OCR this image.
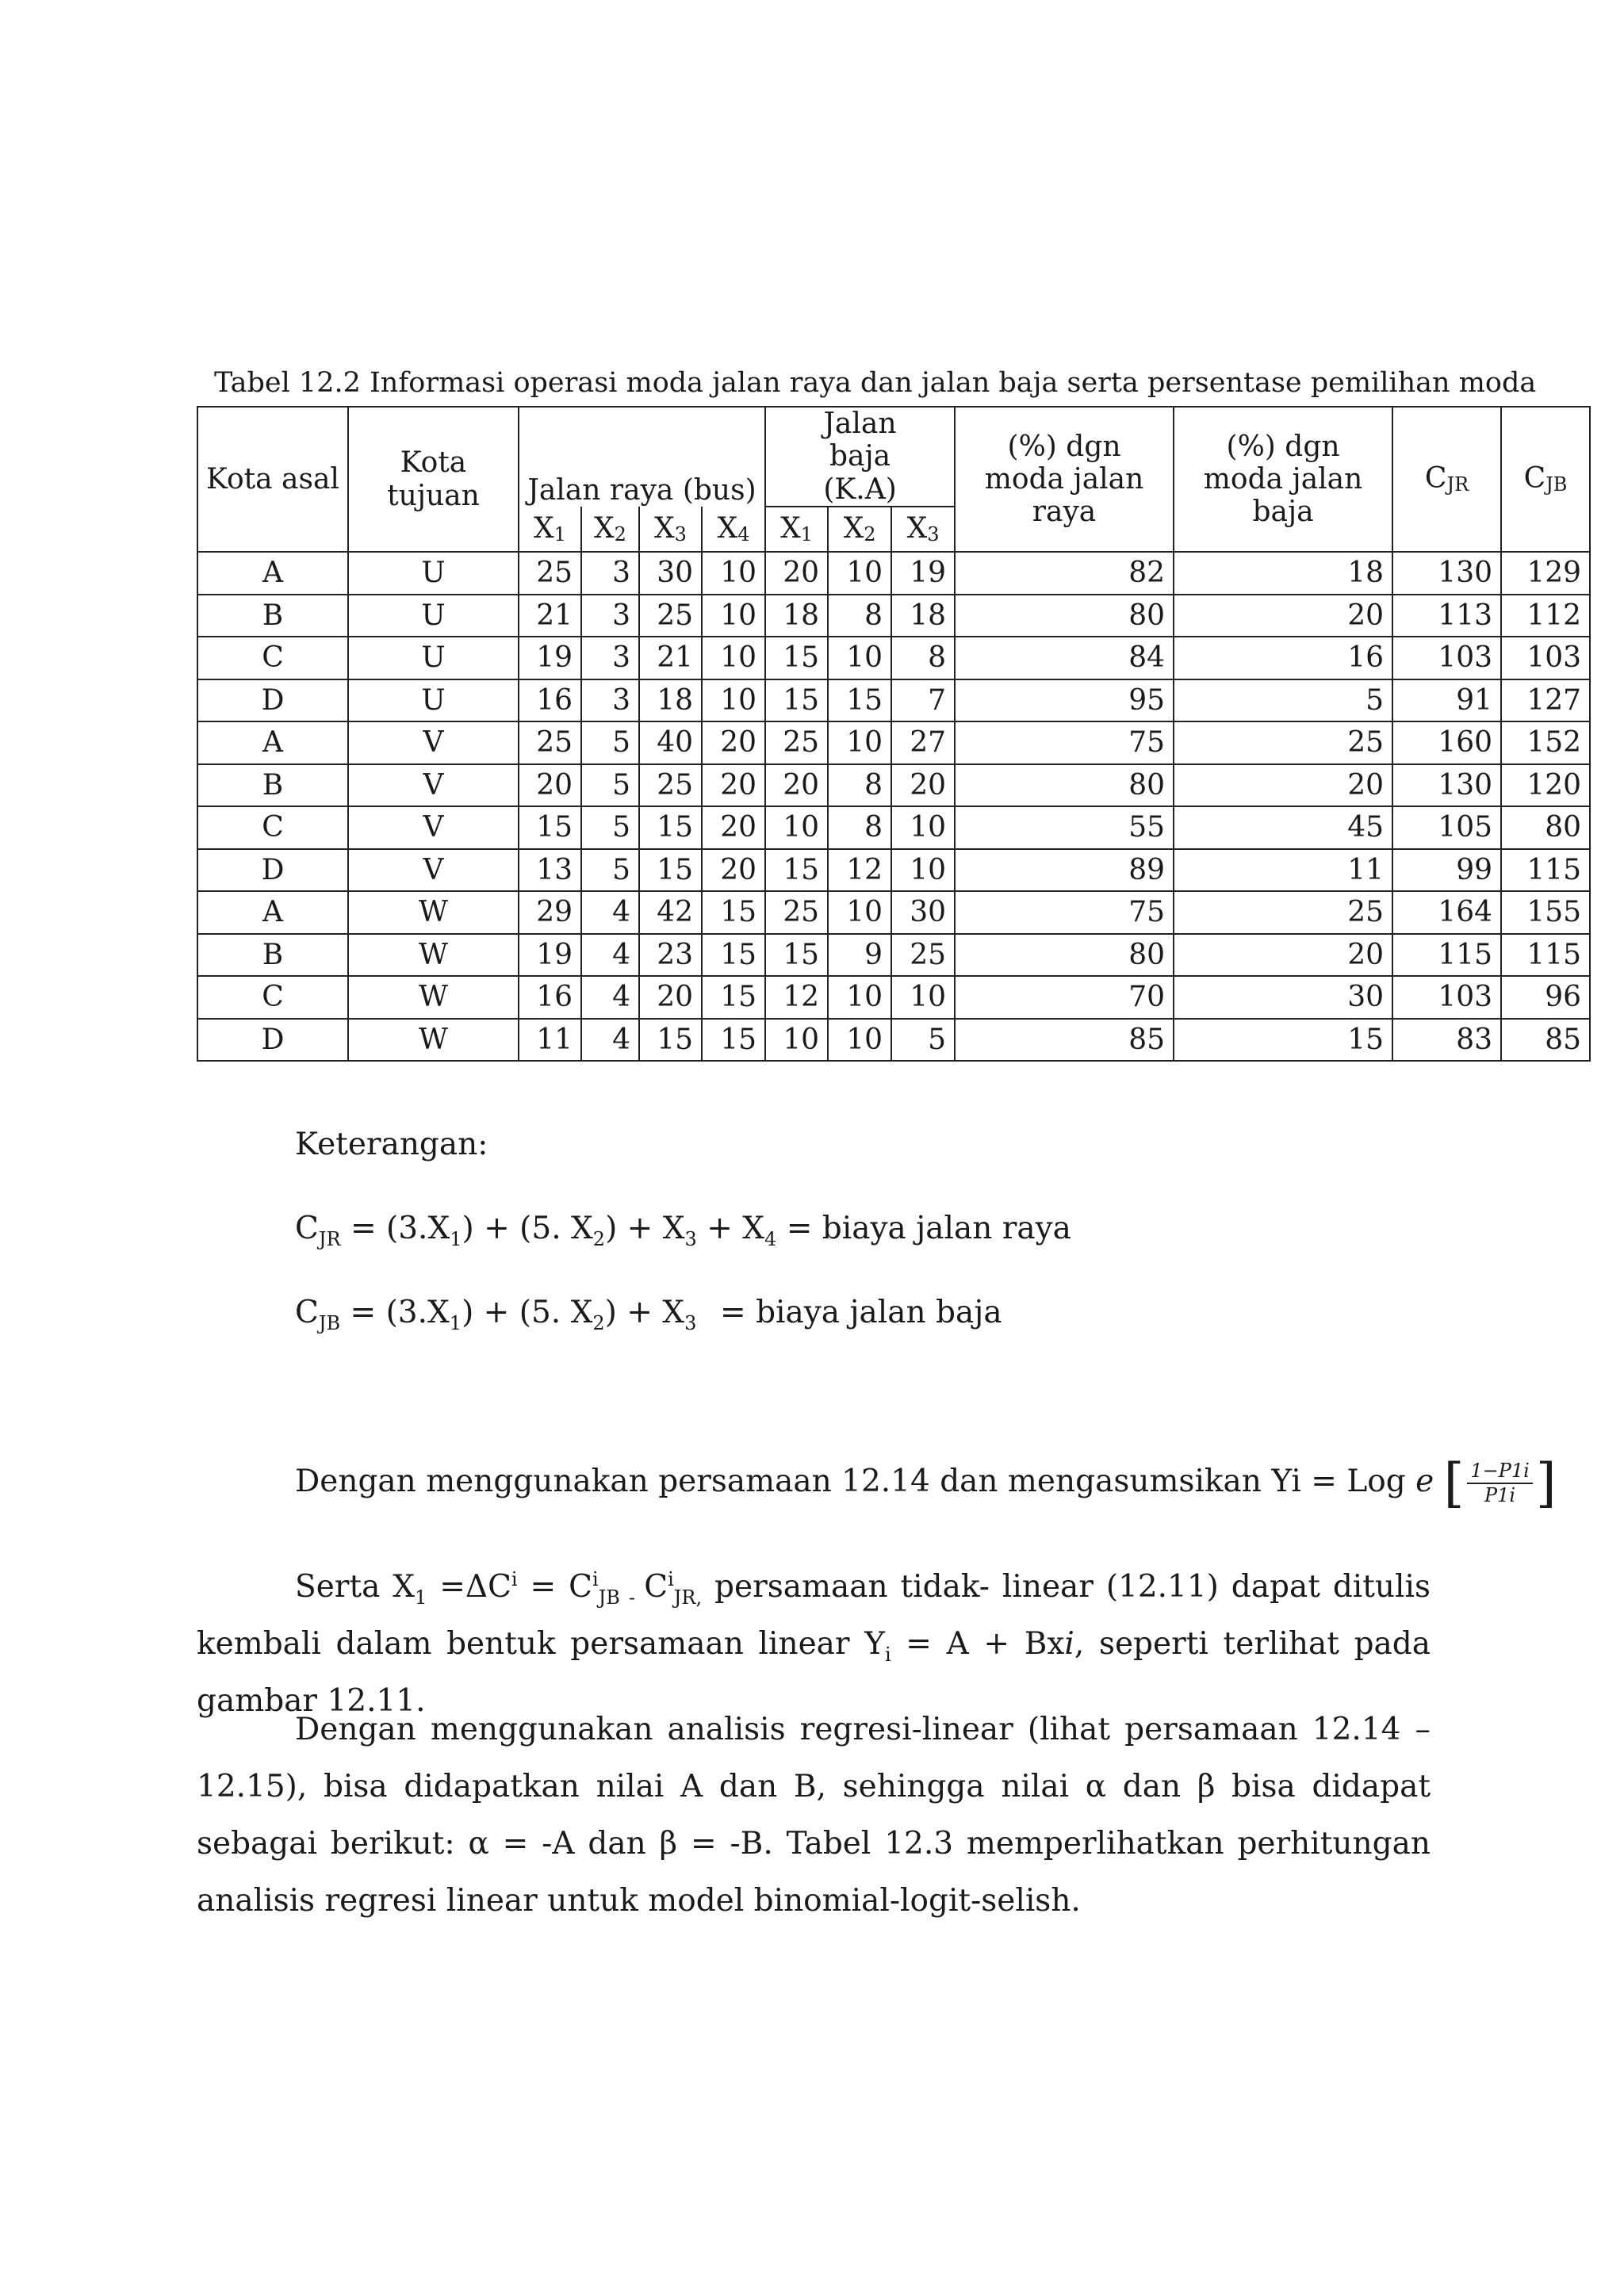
Tabel 12.2 Informasi operasi moda jalan raya dan jalan baja serta persentase pemilihan moda
Kota asal	Kota tujuan	Jalan raya (bus)				Jalan baja (K.A)			(%) dgn moda jalan raya	(%) dgn moda jalan baja	CJR	CJB
		X1	X2	X3	X4	X1	X2	X3				
A	U	25	3	30	10	20	10	19	82	18	130	129
B	U	21	3	25	10	18	8	18	80	20	113	112
C	U	19	3	21	10	15	10	8	84	16	103	103
D	U	16	3	18	10	15	15	7	95	5	91	127
A	V	25	5	40	20	25	10	27	75	25	160	152
B	V	20	5	25	20	20	8	20	80	20	130	120
C	V	15	5	15	20	10	8	10	55	45	105	80
D	V	13	5	15	20	15	12	10	89	11	99	115
A	W	29	4	42	15	25	10	30	75	25	164	155
B	W	19	4	23	15	15	9	25	80	20	115	115
C	W	16	4	20	15	12	10	10	70	30	103	96
D	W	11	4	15	15	10	10	5	85	15	83	85
Keterangan:
$C_{JR} = (3.X_1) + (5$. $X_2) + X_3 + X_4$ = biaya jalan raya
$C_{JB} = (3.X_1) + (5$. $X_2) + X_3$ = biaya jalan baja
Dengan menggunakan persamaan 12.14 dan mengasumsikan Yi = Log e [ $\frac{1-P1i}{P1i}$ ]

Serta $X_1 =\Delta C^i = C^i_{JB -}$ $C^i_{JR,}$ persamaan tidak- linear (12.11) dapat ditulis kembali dalam bentuk persamaan linear $Y_i = A$ + Bxi, seperti terlihat pada gambar 12.11.

Dengan menggunakan analisis regresi-linear (lihat persamaan 12.14 – 12.15), bisa didapatkan nilai A dan B, sehingga nilai α dan β bisa didapat sebagai berikut: α = -A dan β = -B. Tabel 12.3 memperlihatkan perhitungan analisis regresi linear untuk model binomial-logit-selish.
